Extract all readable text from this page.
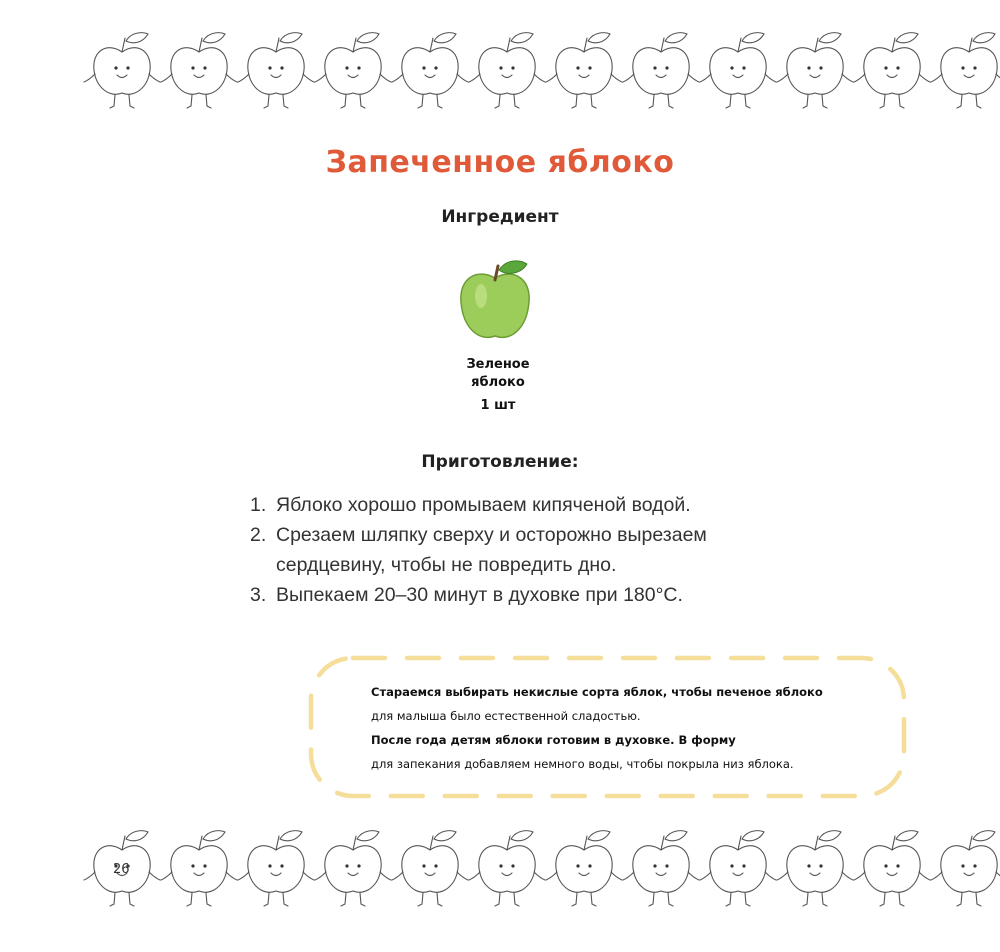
Запеченное яблоко
Ингредиент
Зеленое
яблоко
1 шт
Приготовление:
1. Яблоко хорошо промываем кипяченой водой.
2. Срезаем шляпку сверху и осторожно вырезаем сердцевину, чтобы не повредить дно.
3. Выпекаем 20–30 минут в духовке при 180°С.
Стараемся выбирать некислые сорта яблок, чтобы печеное яблоко
для малыша было естественной сладостью.
После года детям яблоки готовим в духовке. В форму
для запекания добавляем немного воды, чтобы покрыла низ яблока.
26
